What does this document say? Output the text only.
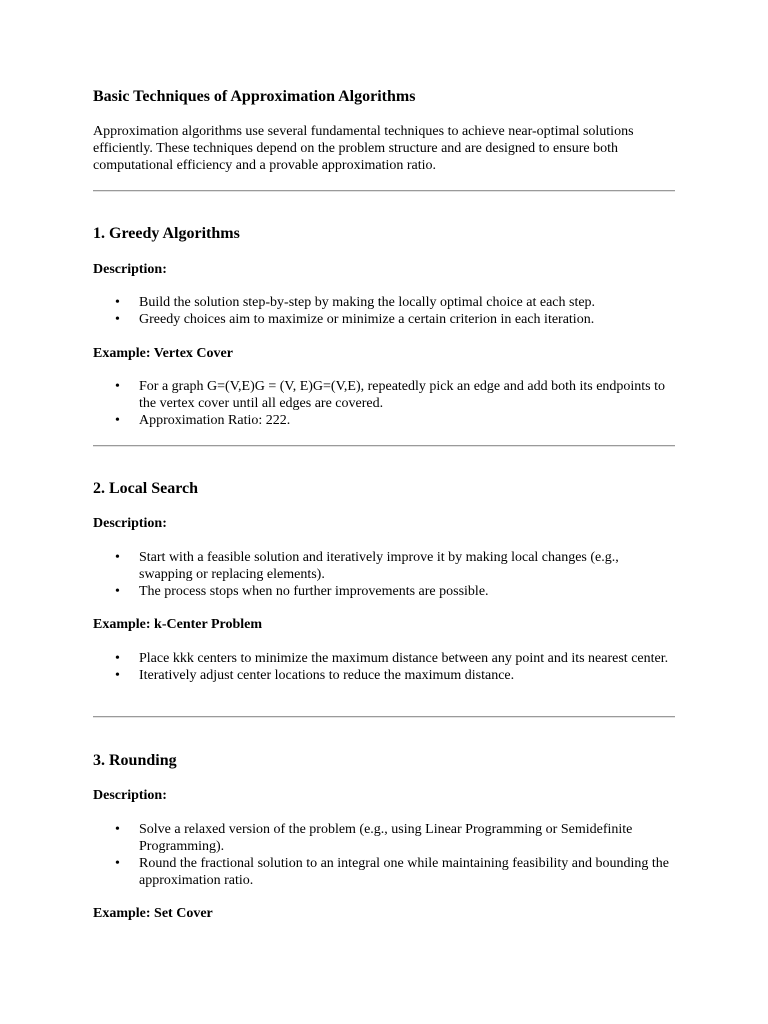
Basic Techniques of Approximation Algorithms

Approximation algorithms use several fundamental techniques to achieve near-optimal solutions efficiently. These techniques depend on the problem structure and are designed to ensure both computational efficiency and a provable approximation ratio.

1. Greedy Algorithms
Description:
• Build the solution step-by-step by making the locally optimal choice at each step.
• Greedy choices aim to maximize or minimize a certain criterion in each iteration.
Example: Vertex Cover
• For a graph G=(V,E)G = (V, E)G=(V,E), repeatedly pick an edge and add both its endpoints to the vertex cover until all edges are covered.
• Approximation Ratio: 222.
2. Local Search
Description:
• Start with a feasible solution and iteratively improve it by making local changes (e.g., swapping or replacing elements).
• The process stops when no further improvements are possible.
Example: k-Center Problem
• Place kkk centers to minimize the maximum distance between any point and its nearest center.
• Iteratively adjust center locations to reduce the maximum distance.
3. Rounding
Description:
• Solve a relaxed version of the problem (e.g., using Linear Programming or Semidefinite Programming).
• Round the fractional solution to an integral one while maintaining feasibility and bounding the approximation ratio.
Example: Set Cover
